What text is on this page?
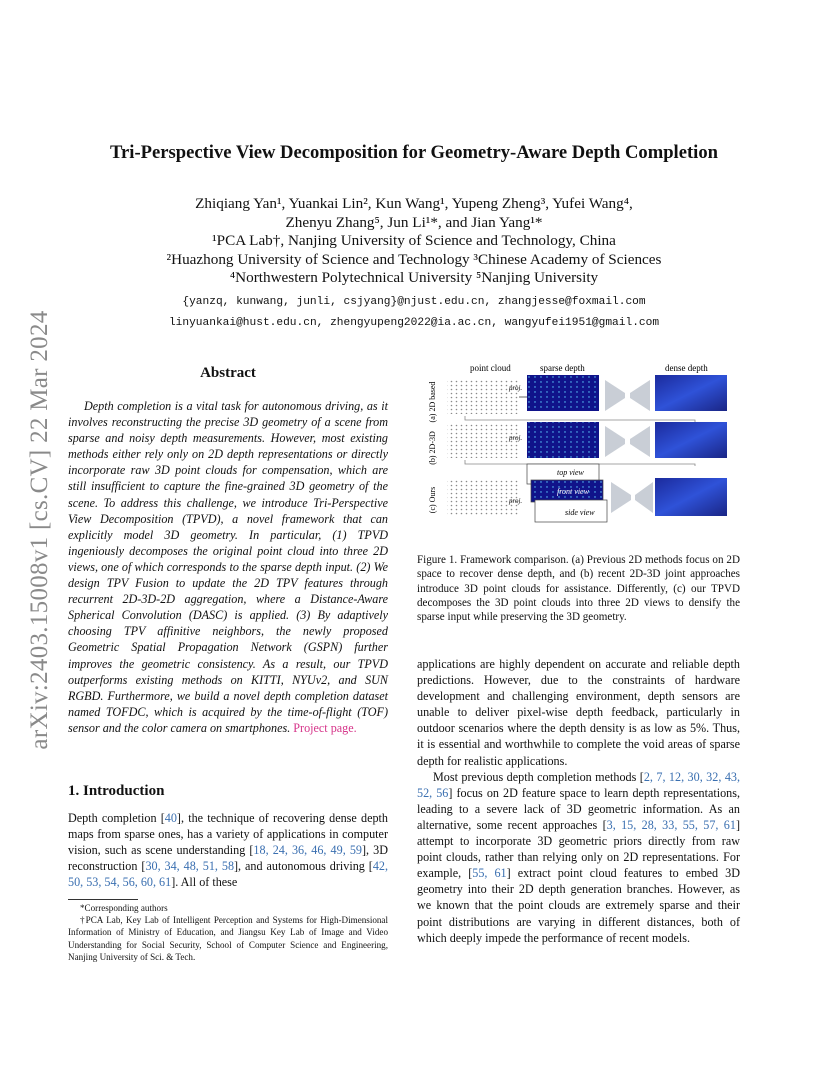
arXiv:2403.15008v1 [cs.CV] 22 Mar 2024
Tri-Perspective View Decomposition for Geometry-Aware Depth Completion
Zhiqiang Yan¹, Yuankai Lin², Kun Wang¹, Yupeng Zheng³, Yufei Wang⁴,
Zhenyu Zhang⁵, Jun Li¹*, and Jian Yang¹*
¹PCA Lab†, Nanjing University of Science and Technology, China
²Huazhong University of Science and Technology ³Chinese Academy of Sciences
⁴Northwestern Polytechnical University ⁵Nanjing University
{yanzq, kunwang, junli, csjyang}@njust.edu.cn, zhangjesse@foxmail.com
linyuankai@hust.edu.cn, zhengyupeng2022@ia.ac.cn, wangyufei1951@gmail.com
Abstract

Depth completion is a vital task for autonomous driving, as it involves reconstructing the precise 3D geometry of a scene from sparse and noisy depth measurements. However, most existing methods either rely only on 2D depth representations or directly incorporate raw 3D point clouds for compensation, which are still insufficient to capture the fine-grained 3D geometry of the scene. To address this challenge, we introduce Tri-Perspective View Decomposition (TPVD), a novel framework that can explicitly model 3D geometry. In particular, (1) TPVD ingeniously decomposes the original point cloud into three 2D views, one of which corresponds to the sparse depth input. (2) We design TPV Fusion to update the 2D TPV features through recurrent 2D-3D-2D aggregation, where a Distance-Aware Spherical Convolution (DASC) is applied. (3) By adaptively choosing TPV affinitive neighbors, the newly proposed Geometric Spatial Propagation Network (GSPN) further improves the geometric consistency. As a result, our TPVD outperforms existing methods on KITTI, NYUv2, and SUN RGBD. Furthermore, we build a novel depth completion dataset named TOFDC, which is acquired by the time-of-flight (TOF) sensor and the color camera on smartphones. Project page.

1. Introduction

Depth completion [40], the technique of recovering dense depth maps from sparse ones, has a variety of applications in computer vision, such as scene understanding [18, 24, 36, 46, 49, 59], 3D reconstruction [30, 34, 48, 51, 58], and autonomous driving [42, 50, 53, 54, 56, 60, 61]. All of these

*Corresponding authors
†PCA Lab, Key Lab of Intelligent Perception and Systems for High-Dimensional Information of Ministry of Education, and Jiangsu Key Lab of Image and Video Understanding for Social Security, School of Computer Science and Engineering, Nanjing University of Sci. & Tech.
point cloud	sparse depth	dense depth
(a) 2D based
(b) 2D-3D
(c) Ours
proj.
proj.
proj.
top view
front view
side view
Figure 1. Framework comparison. (a) Previous 2D methods focus on 2D space to recover dense depth, and (b) recent 2D-3D joint approaches introduce 3D point clouds for assistance. Differently, (c) our TPVD decomposes the 3D point clouds into three 2D views to densify the sparse input while preserving the 3D geometry.

applications are highly dependent on accurate and reliable depth predictions. However, due to the constraints of hardware development and challenging environment, depth sensors are unable to deliver pixel-wise depth feedback, particularly in outdoor scenarios where the depth density is as low as 5%. Thus, it is essential and worthwhile to complete the void areas of sparse depth for realistic applications.

Most previous depth completion methods [2, 7, 12, 30, 32, 43, 52, 56] focus on 2D feature space to learn depth representations, leading to a severe lack of 3D geometric information. As an alternative, some recent approaches [3, 15, 28, 33, 55, 57, 61] attempt to incorporate 3D geometric priors directly from raw point clouds, rather than relying only on 2D representations. For example, [55, 61] extract point cloud features to embed 3D geometry into their 2D depth generation branches. However, as we known that the point clouds are extremely sparse and their point distributions are varying in different distances, both of which deeply impede the performance of recent models.
